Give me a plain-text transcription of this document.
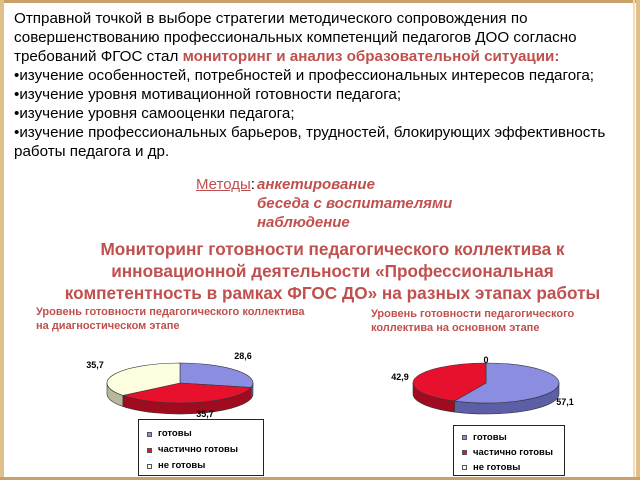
Отправной точкой в выборе стратегии методического сопровождения по совершенствованию профессиональных компетенций педагогов ДОО согласно требований ФГОС стал мониторинг и анализ образовательной ситуации:

•изучение особенностей, потребностей и профессиональных интересов педагога;
•изучение уровня мотивационной готовности педагога;
•изучение уровня самооценки педагога;
•изучение профессиональных барьеров, трудностей, блокирующих эффективность работы педагога и др.
Методы: анкетирование
беседа с воспитателями
наблюдение
Мониторинг готовности педагогического коллектива к инновационной деятельности «Профессиональная компетентность в рамках ФГОС ДО» на разных этапах работы
Уровень готовности педагогического коллектива на диагностическом этапе
Уровень готовности педагогического коллектива на основном этапе
28,6
35,7
35,7
57,1
42,9
0
готовы
частично готовы
не готовы
готовы
частично готовы
не готовы
